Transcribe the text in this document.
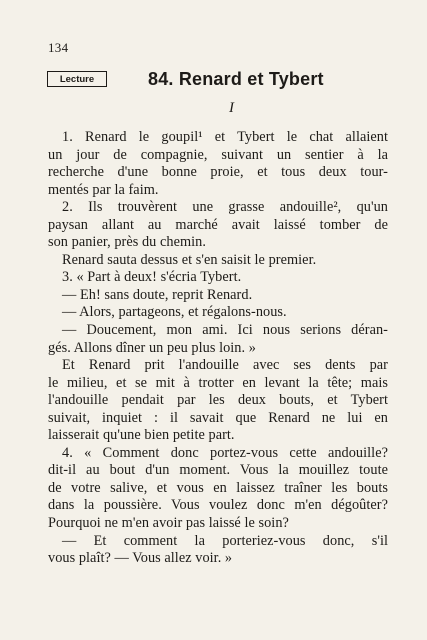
134
Lecture	84. Renard et Tybert
I
1. Renard le goupil¹ et Tybert le chat allaient
un jour de compagnie, suivant un sentier à la
recherche d'une bonne proie, et tous deux tour-
mentés par la faim.
2. Ils trouvèrent une grasse andouille², qu'un
paysan allant au marché avait laissé tomber de
son panier, près du chemin.
Renard sauta dessus et s'en saisit le premier.
3. « Part à deux! s'écria Tybert.
— Eh! sans doute, reprit Renard.
— Alors, partageons, et régalons-nous.
— Doucement, mon ami. Ici nous serions déran-
gés. Allons dîner un peu plus loin. »
Et Renard prit l'andouille avec ses dents par
le milieu, et se mit à trotter en levant la tête; mais
l'andouille pendait par les deux bouts, et Tybert
suivait, inquiet : il savait que Renard ne lui en
laisserait qu'une bien petite part.
4. « Comment donc portez-vous cette andouille?
dit-il au bout d'un moment. Vous la mouillez toute
de votre salive, et vous en laissez traîner les bouts
dans la poussière. Vous voulez donc m'en dégoûter?
Pourquoi ne m'en avoir pas laissé le soin?
— Et comment la porteriez-vous donc, s'il
vous plaît? — Vous allez voir. »
